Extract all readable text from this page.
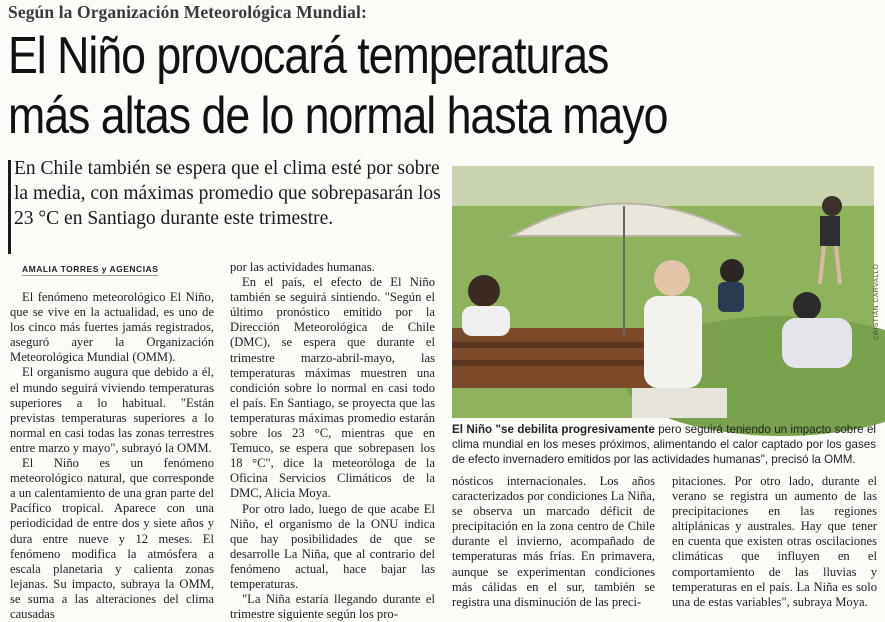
Según la Organización Meteorológica Mundial:
El Niño provocará temperaturas
más altas de lo normal hasta mayo
En Chile también se espera que el clima esté por sobre la media, con máximas promedio que sobrepasarán los 23 °C en Santiago durante este trimestre.
AMALIA TORRES y AGENCIAS

El fenómeno meteorológico El Niño, que se vive en la actualidad, es uno de los cinco más fuertes jamás registrados, aseguró ayer la Organización Meteorológica Mundial (OMM).

El organismo augura que debido a él, el mundo seguirá viviendo temperaturas superiores a lo habitual. "Están previstas temperaturas superiores a lo normal en casi todas las zonas terrestres entre marzo y mayo", subrayó la OMM.

El Niño es un fenómeno meteorológico natural, que corresponde a un calentamiento de una gran parte del Pacífico tropical. Aparece con una periodicidad de entre dos y siete años y dura entre nueve y 12 meses. El fenómeno modifica la atmósfera a escala planetaria y calienta zonas lejanas. Su impacto, subraya la OMM, se suma a las alteraciones del clima causadas

por las actividades humanas.

En el país, el efecto de El Niño también se seguirá sintiendo. "Según el último pronóstico emitido por la Dirección Meteorológica de Chile (DMC), se espera que durante el trimestre marzo-abril-mayo, las temperaturas máximas muestren una condición sobre lo normal en casi todo el país. En Santiago, se proyecta que las temperaturas máximas promedio estarán sobre los 23 °C, mientras que en Temuco, se espera que sobrepasen los 18 °C", dice la meteoróloga de la Oficina Servicios Climáticos de la DMC, Alicia Moya.

Por otro lado, luego de que acabe El Niño, el organismo de la ONU indica que hay posibilidades de que se desarrolle La Niña, que al contrario del fenómeno actual, hace bajar las temperaturas.

"La Niña estaría llegando durante el trimestre siguiente según los pro-

CRISTIÁN CARVALLO
El Niño "se debilita progresivamente pero seguirá teniendo un impacto sobre el clima mundial en los meses próximos, alimentando el calor captado por los gases de efecto invernadero emitidos por las actividades humanas", precisó la OMM.

nósticos internacionales. Los años caracterizados por condiciones La Niña, se observa un marcado déficit de precipitación en la zona centro de Chile durante el invierno, acompañado de temperaturas más frías. En primavera, aunque se experimentan condiciones más cálidas en el sur, también se registra una disminución de las preci-

pitaciones. Por otro lado, durante el verano se registra un aumento de las precipitaciones en las regiones altiplánicas y australes. Hay que tener en cuenta que existen otras oscilaciones climáticas que influyen en el comportamiento de las lluvias y temperaturas en el país. La Niña es solo una de estas variables", subraya Moya.
